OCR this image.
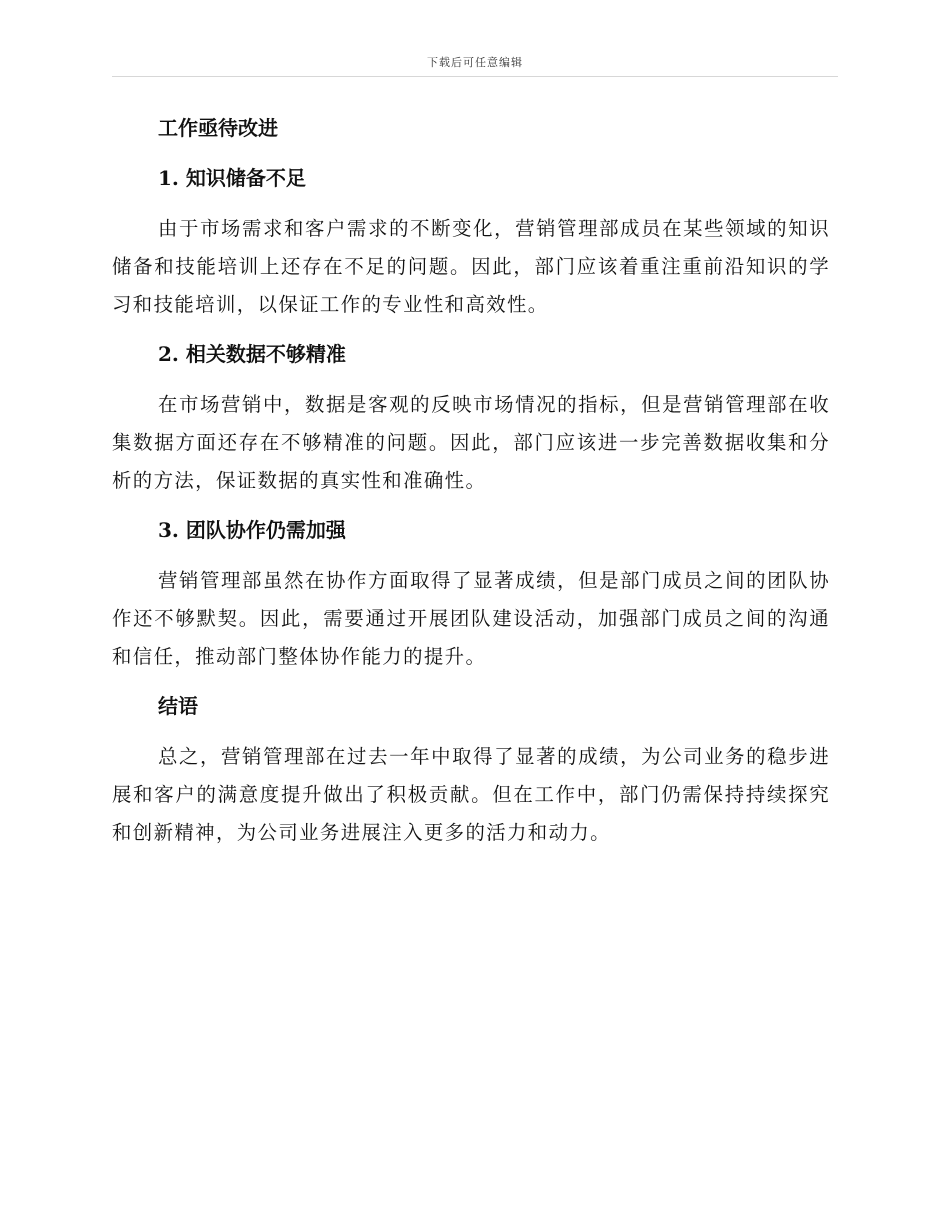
下载后可任意编辑
工作亟待改进
1. 知识储备不足

由于市场需求和客户需求的不断变化，营销管理部成员在某些领域的知识储备和技能培训上还存在不足的问题。因此，部门应该着重注重前沿知识的学习和技能培训，以保证工作的专业性和高效性。

2. 相关数据不够精准

在市场营销中，数据是客观的反映市场情况的指标，但是营销管理部在收集数据方面还存在不够精准的问题。因此，部门应该进一步完善数据收集和分析的方法，保证数据的真实性和准确性。

3. 团队协作仍需加强

营销管理部虽然在协作方面取得了显著成绩，但是部门成员之间的团队协作还不够默契。因此，需要通过开展团队建设活动，加强部门成员之间的沟通和信任，推动部门整体协作能力的提升。

结语

总之，营销管理部在过去一年中取得了显著的成绩，为公司业务的稳步进展和客户的满意度提升做出了积极贡献。但在工作中，部门仍需保持持续探究和创新精神，为公司业务进展注入更多的活力和动力。
